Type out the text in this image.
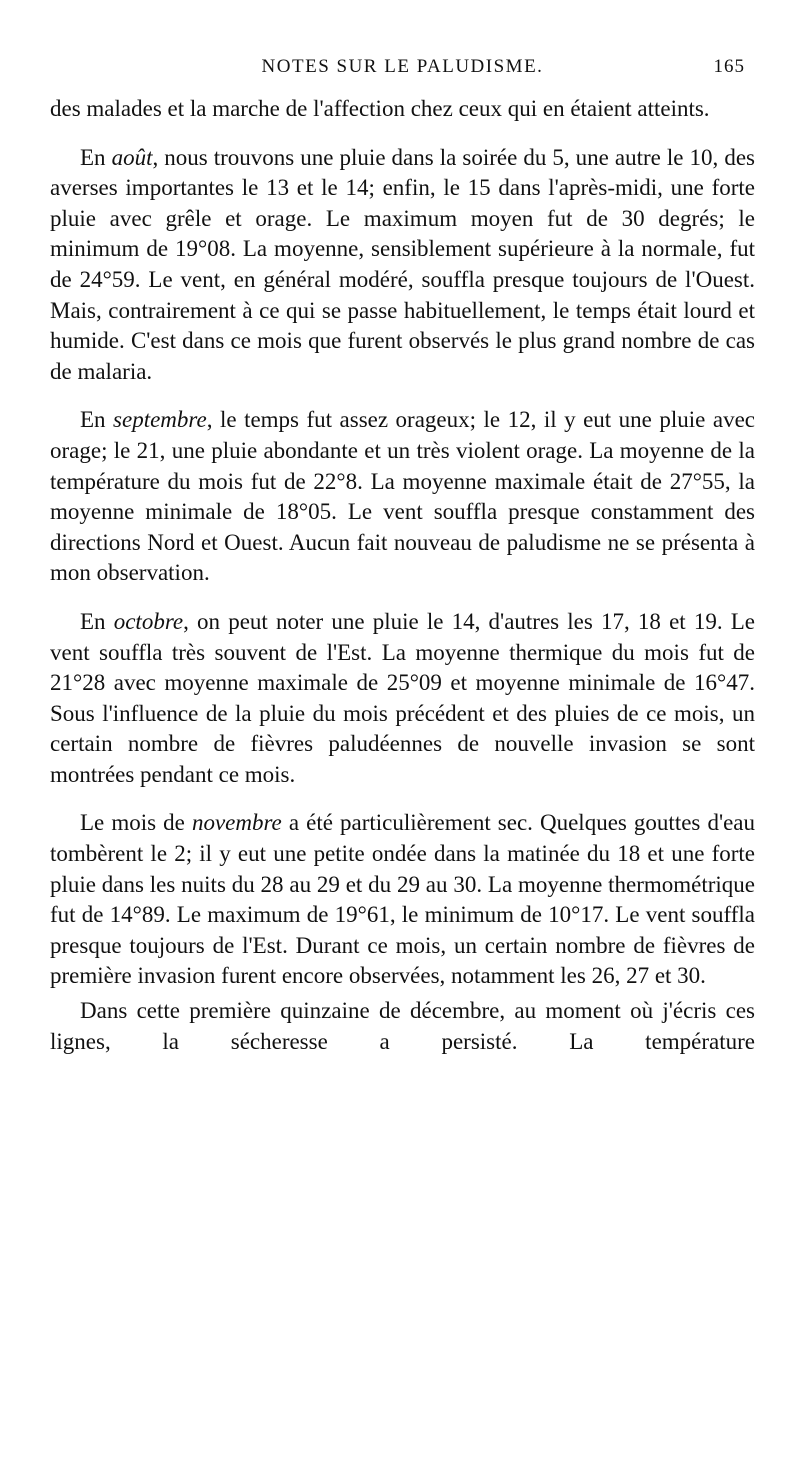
NOTES SUR LE PALUDISME.	165

des malades et la marche de l'affection chez ceux qui en étaient atteints.

En août, nous trouvons une pluie dans la soirée du 5, une autre le 10, des averses importantes le 13 et le 14; enfin, le 15 dans l'après-midi, une forte pluie avec grêle et orage. Le maximum moyen fut de 30 degrés; le minimum de 19°08. La moyenne, sensiblement supérieure à la normale, fut de 24°59. Le vent, en général modéré, souffla presque toujours de l'Ouest. Mais, contrairement à ce qui se passe habituellement, le temps était lourd et humide. C'est dans ce mois que furent observés le plus grand nombre de cas de malaria.

En septembre, le temps fut assez orageux; le 12, il y eut une pluie avec orage; le 21, une pluie abondante et un très violent orage. La moyenne de la température du mois fut de 22°8. La moyenne maximale était de 27°55, la moyenne minimale de 18°05. Le vent souffla presque constamment des directions Nord et Ouest. Aucun fait nouveau de paludisme ne se présenta à mon observation.

En octobre, on peut noter une pluie le 14, d'autres les 17, 18 et 19. Le vent souffla très souvent de l'Est. La moyenne thermique du mois fut de 21°28 avec moyenne maximale de 25°09 et moyenne minimale de 16°47. Sous l'influence de la pluie du mois précédent et des pluies de ce mois, un certain nombre de fièvres paludéennes de nouvelle invasion se sont montrées pendant ce mois.

Le mois de novembre a été particulièrement sec. Quelques gouttes d'eau tombèrent le 2; il y eut une petite ondée dans la matinée du 18 et une forte pluie dans les nuits du 28 au 29 et du 29 au 30. La moyenne thermométrique fut de 14°89. Le maximum de 19°61, le minimum de 10°17. Le vent souffla presque toujours de l'Est. Durant ce mois, un certain nombre de fièvres de première invasion furent encore observées, notamment les 26, 27 et 30.

Dans cette première quinzaine de décembre, au moment où j'écris ces lignes, la sécheresse a persisté. La température
